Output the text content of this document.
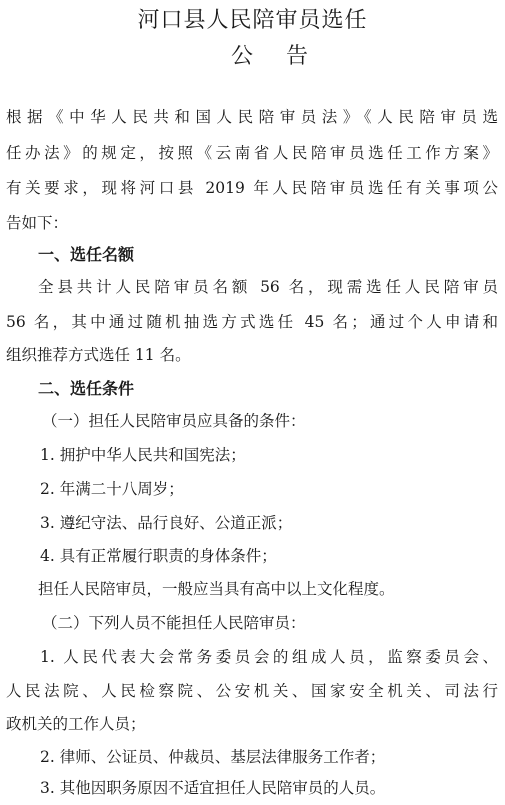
河口县人民陪审员选任
公 告
根据《中华人民共和国人民陪审员法》《人民陪审员选
任办法》的规定，按照《云南省人民陪审员选任工作方案》
有关要求，现将河口县 2019 年人民陪审员选任有关事项公
告如下：
一、选任名额
全县共计人民陪审员名额 56 名，现需选任人民陪审员
56 名，其中通过随机抽选方式选任 45 名；通过个人申请和
组织推荐方式选任 11 名。
二、选任条件
（一）担任人民陪审员应具备的条件：
1. 拥护中华人民共和国宪法；
2. 年满二十八周岁；
3. 遵纪守法、品行良好、公道正派；
4. 具有正常履行职责的身体条件；
担任人民陪审员，一般应当具有高中以上文化程度。
（二）下列人员不能担任人民陪审员：
1. 人民代表大会常务委员会的组成人员，监察委员会、
人民法院、人民检察院、公安机关、国家安全机关、司法行
政机关的工作人员；
2. 律师、公证员、仲裁员、基层法律服务工作者；
3. 其他因职务原因不适宜担任人民陪审员的人员。
